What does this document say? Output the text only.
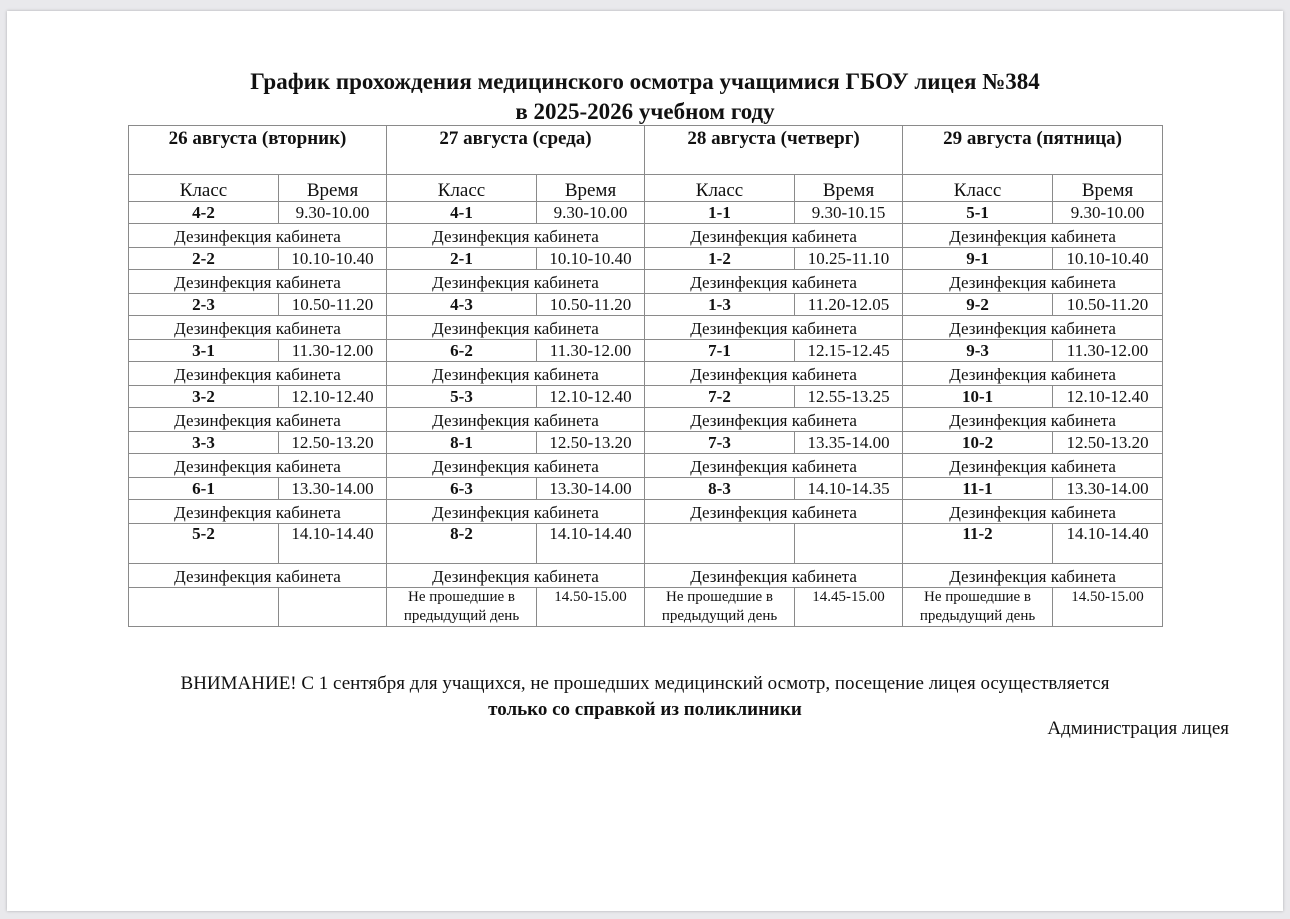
График прохождения медицинского осмотра учащимися ГБОУ лицея №384
в 2025-2026 учебном году
26 августа (вторник)		27 августа (среда)		28 августа (четверг)		29 августа (пятница)	
Класс	Время	Класс	Время	Класс	Время	Класс	Время
4-2	9.30-10.00	4-1	9.30-10.00	1-1	9.30-10.15	5-1	9.30-10.00
Дезинфекция кабинета		Дезинфекция кабинета		Дезинфекция кабинета		Дезинфекция кабинета	
2-2	10.10-10.40	2-1	10.10-10.40	1-2	10.25-11.10	9-1	10.10-10.40
Дезинфекция кабинета		Дезинфекция кабинета		Дезинфекция кабинета		Дезинфекция кабинета	
2-3	10.50-11.20	4-3	10.50-11.20	1-3	11.20-12.05	9-2	10.50-11.20
Дезинфекция кабинета		Дезинфекция кабинета		Дезинфекция кабинета		Дезинфекция кабинета	
3-1	11.30-12.00	6-2	11.30-12.00	7-1	12.15-12.45	9-3	11.30-12.00
Дезинфекция кабинета		Дезинфекция кабинета		Дезинфекция кабинета		Дезинфекция кабинета	
3-2	12.10-12.40	5-3	12.10-12.40	7-2	12.55-13.25	10-1	12.10-12.40
Дезинфекция кабинета		Дезинфекция кабинета		Дезинфекция кабинета		Дезинфекция кабинета	
3-3	12.50-13.20	8-1	12.50-13.20	7-3	13.35-14.00	10-2	12.50-13.20
Дезинфекция кабинета		Дезинфекция кабинета		Дезинфекция кабинета		Дезинфекция кабинета	
6-1	13.30-14.00	6-3	13.30-14.00	8-3	14.10-14.35	11-1	13.30-14.00
Дезинфекция кабинета		Дезинфекция кабинета		Дезинфекция кабинета		Дезинфекция кабинета	
5-2	14.10-14.40	8-2	14.10-14.40			11-2	14.10-14.40
Дезинфекция кабинета		Дезинфекция кабинета		Дезинфекция кабинета		Дезинфекция кабинета	
		Не прошедшие в предыдущий день	14.50-15.00	Не прошедшие в предыдущий день	14.45-15.00	Не прошедшие в предыдущий день	14.50-15.00
ВНИМАНИЕ! С 1 сентября для учащихся, не прошедших медицинский осмотр, посещение лицея осуществляется
только со справкой из поликлиники
Администрация лицея
